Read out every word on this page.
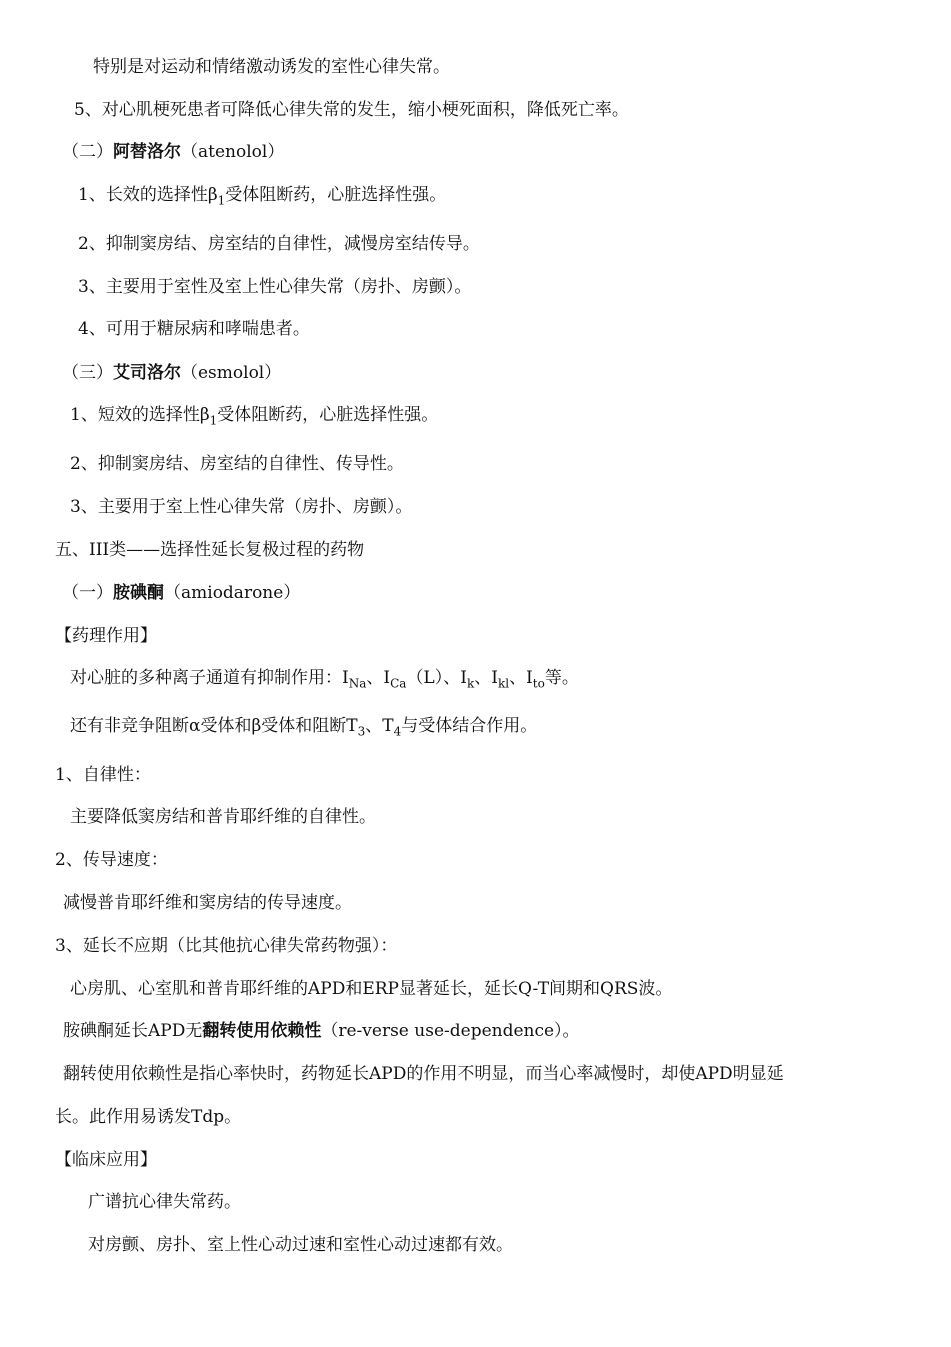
特别是对运动和情绪激动诱发的室性心律失常。
5、对心肌梗死患者可降低心律失常的发生，缩小梗死面积，降低死亡率。
（二）阿替洛尔（atenolol）
1、长效的选择性$\beta_1$受体阻断药，心脏选择性强。
2、抑制窦房结、房室结的自律性，减慢房室结传导。
3、主要用于室性及室上性心律失常（房扑、房颤）。
4、可用于糖尿病和哮喘患者。
（三）艾司洛尔（esmolol）
1、短效的选择性$\beta_1$受体阻断药，心脏选择性强。
2、抑制窦房结、房室结的自律性、传导性。
3、主要用于室上性心律失常（房扑、房颤）。
五、III类——选择性延长复极过程的药物
（一）胺碘酮（amiodarone）
【药理作用】
对心脏的多种离子通道有抑制作用：$I_{Na}$、$I_{Ca}(L)$、$I_k$、$I_{kl}$、$I_{to}$等。
还有非竞争阻断α受体和β受体和阻断$T_3$、$T_4$与受体结合作用。
1、自律性：
主要降低窦房结和普肯耶纤维的自律性。
2、传导速度：
减慢普肯耶纤维和窦房结的传导速度。
3、延长不应期（比其他抗心律失常药物强）：
心房肌、心室肌和普肯耶纤维的APD和ERP显著延长，延长Q-T间期和QRS波。
胺碘酮延长APD无翻转使用依赖性（re-verse use-dependence）。
翻转使用依赖性是指心率快时，药物延长APD的作用不明显，而当心率减慢时，却使APD明显延
长。此作用易诱发Tdp。
【临床应用】
广谱抗心律失常药。
对房颤、房扑、室上性心动过速和室性心动过速都有效。
